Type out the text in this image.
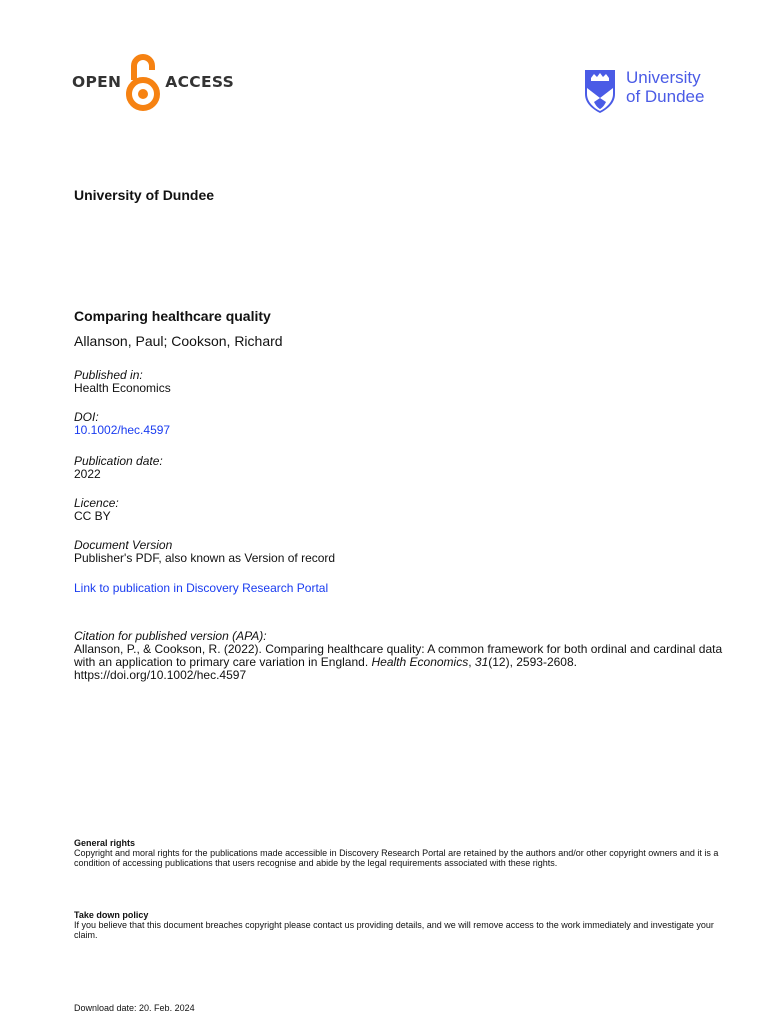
OPEN	ACCESS	University
of Dundee
University of Dundee
Comparing healthcare quality
Allanson, Paul; Cookson, Richard
Published in:
Health Economics
DOI:
10.1002/hec.4597
Publication date:
2022
Licence:
CC BY
Document Version
Publisher's PDF, also known as Version of record
Link to publication in Discovery Research Portal
Citation for published version (APA):
Allanson, P., & Cookson, R. (2022). Comparing healthcare quality: A common framework for both ordinal and cardinal data with an application to primary care variation in England. Health Economics, 31(12), 2593-2608.
https://doi.org/10.1002/hec.4597
General rights
Copyright and moral rights for the publications made accessible in Discovery Research Portal are retained by the authors and/or other copyright owners and it is a condition of accessing publications that users recognise and abide by the legal requirements associated with these rights.
Take down policy
If you believe that this document breaches copyright please contact us providing details, and we will remove access to the work immediately and investigate your claim.
Download date: 20. Feb. 2024
